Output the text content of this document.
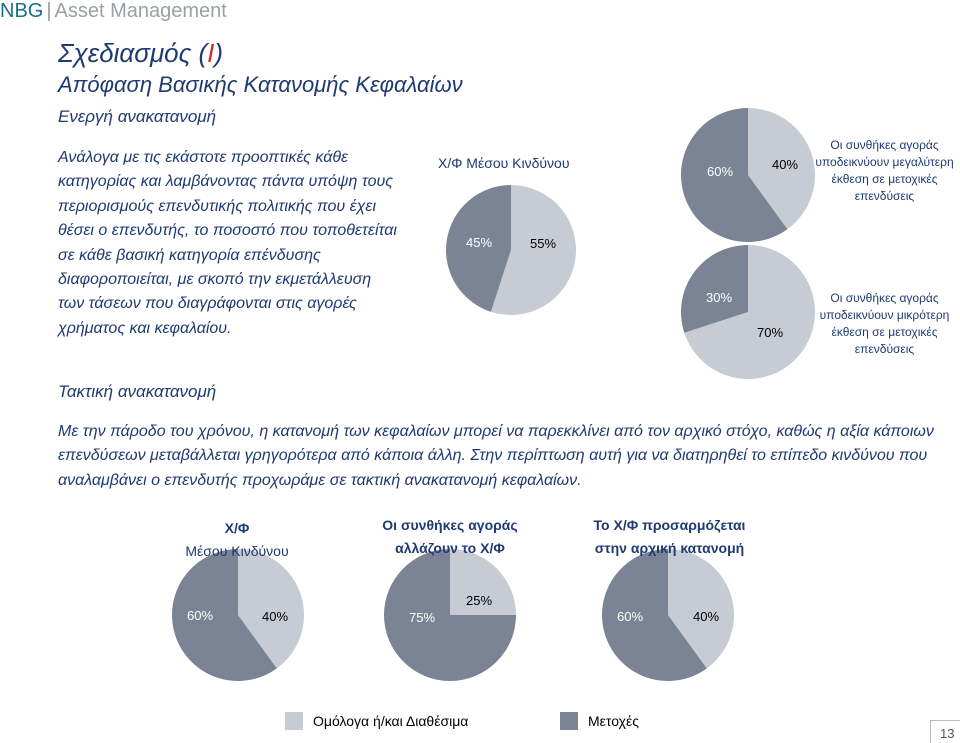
NBG | Asset Management
Σχεδιασμός (I)
Απόφαση Βασικής Κατανομής Κεφαλαίων
Ενεργή ανακατανομή
Ανάλογα με τις εκάστοτε προοπτικές κάθε κατηγορίας και λαμβάνοντας πάντα υπόψη τους περιορισμούς επενδυτικής πολιτικής που έχει θέσει ο επενδυτής, το ποσοστό που τοποθετείται σε κάθε βασική κατηγορία επένδυσης διαφοροποιείται, με σκοπό την εκμετάλλευση των τάσεων που διαγράφονται στις αγορές χρήματος και κεφαλαίου.
Χ/Φ Μέσου Κινδύνου
45%	55%
60%	40%
30%
70%
Οι συνθήκες αγοράς υποδεικνύουν μεγαλύτερη έκθεση σε μετοχικές επενδύσεις
Οι συνθήκες αγοράς υποδεικνύουν μικρότερη έκθεση σε μετοχικές επενδύσεις
Τακτική ανακατανομή
Με την πάροδο του χρόνου, η κατανομή των κεφαλαίων μπορεί να παρεκκλίνει από τον αρχικό στόχο, καθώς η αξία κάποιων επενδύσεων μεταβάλλεται γρηγορότερα από κάποια άλλη. Στην περίπτωση αυτή για να διατηρηθεί το επίπεδο κινδύνου που αναλαμβάνει ο επενδυτής προχωράμε σε τακτική ανακατανομή κεφαλαίων.
Χ/Φ
Μέσου Κινδύνου
Οι συνθήκες αγοράς
αλλάζουν το Χ/Φ
Το Χ/Φ προσαρμόζεται
στην αρχική κατανομή
60%	40%	75%
25%
60%	40%
Ομόλογα ή/και Διαθέσιμα	Μετοχές
13
